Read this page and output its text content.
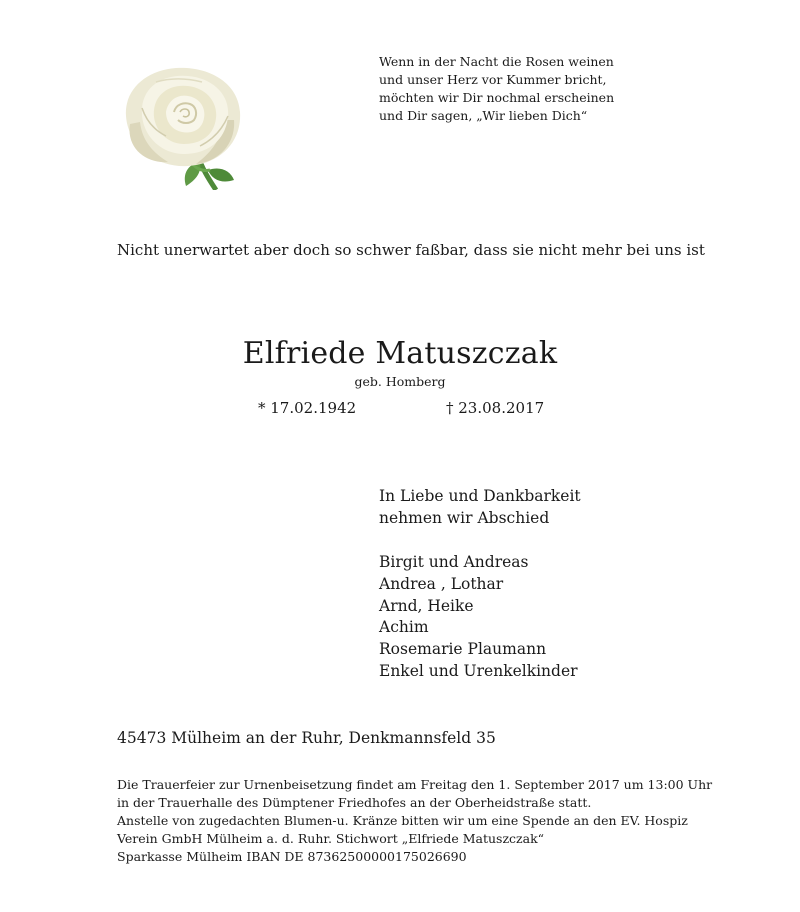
Wenn in der Nacht die Rosen weinen
und unser Herz vor Kummer bricht,
möchten wir Dir nochmal erscheinen
und Dir sagen, „Wir lieben Dich“
Nicht unerwartet aber doch so schwer faßbar, dass sie nicht mehr bei uns ist
Elfriede Matuszczak
geb. Homberg
* 17.02.1942	† 23.08.2017
In Liebe und Dankbarkeit
nehmen wir Abschied
Birgit und Andreas
Andrea , Lothar
Arnd, Heike
Achim
Rosemarie Plaumann
Enkel und Urenkelkinder
45473 Mülheim an der Ruhr, Denkmannsfeld 35
Die Trauerfeier zur Urnenbeisetzung findet am Freitag den 1. September 2017 um 13:00 Uhr
in der Trauerhalle des Dümptener Friedhofes an der Oberheidstraße statt.
Anstelle von zugedachten Blumen-u. Kränze bitten wir um eine Spende an den EV. Hospiz
Verein GmbH Mülheim a. d. Ruhr. Stichwort „Elfriede Matuszczak“
Sparkasse Mülheim IBAN DE 87362500000175026690
